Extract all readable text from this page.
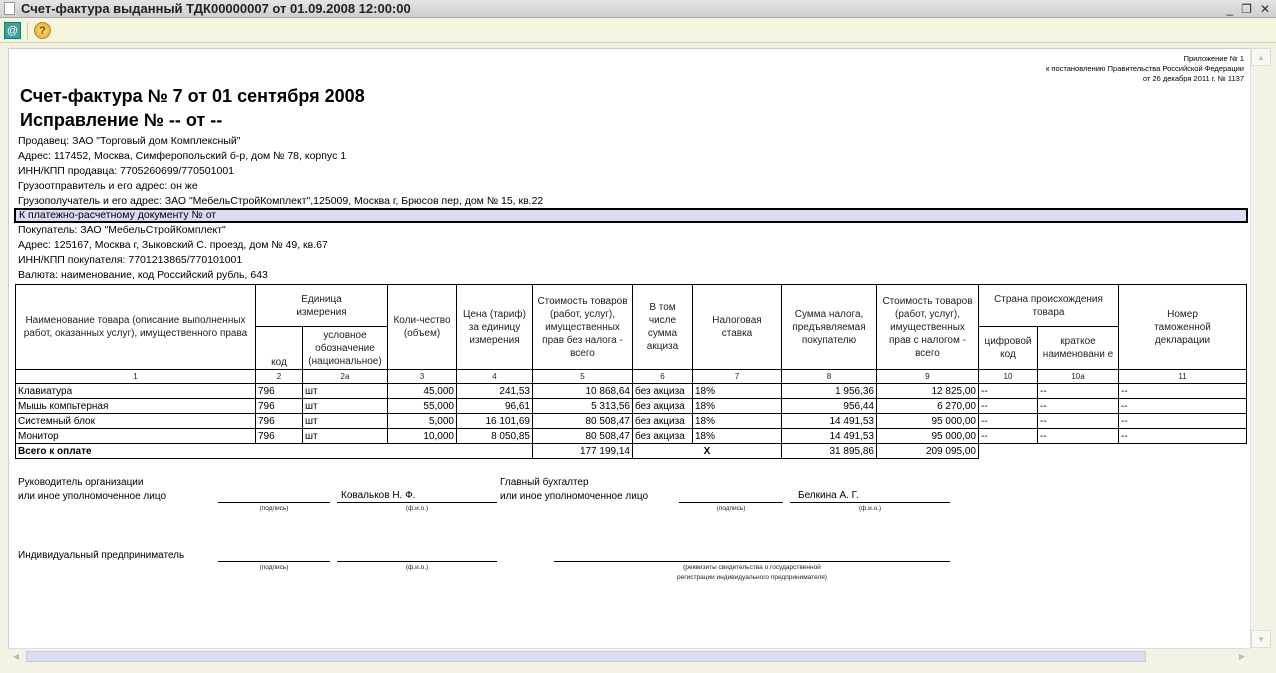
Счет-фактура выданный ТДК00000007 от 01.09.2008 12:00:00	_ ❐ ✕
@	?
Приложение № 1
к постановлению Правительства Российской Федерации
от 26 декабря 2011 г. № 1137
Счет-фактура № 7 от 01 сентября 2008
Исправление № -- от --
Продавец: ЗАО "Торговый дом Комплексный"
Адрес: 117452, Москва, Симферопольский б-р, дом № 78, корпус 1
ИНН/КПП продавца: 7705260699/770501001
Грузоотправитель и его адрес: он же
Грузополучатель и его адрес: ЗАО "МебельСтройКомплект",125009, Москва г, Брюсов пер, дом № 15, кв.22
К платежно-расчетному документу № от
Покупатель: ЗАО "МебельСтройКомплект"
Адрес: 125167, Москва г, Зыковский С. проезд, дом № 49, кв.67
ИНН/КПП покупателя: 7701213865/770101001
Валюта: наименование, код Российский рубль, 643
Наименование товара (описание выполненных работ, оказанных услуг), имущественного права	Единица измерения		Коли-чество (объем)	Цена (тариф) за единицу измерения	Стоимость товаров (работ, услуг), имущественных прав без налога - всего	В том числе сумма акциза	Налоговая ставка	Сумма налога, предъявляемая покупателю	Стоимость товаров (работ, услуг), имущественных прав с налогом - всего	Страна происхождения товара		Номер таможенной декларации
	код	условное обозначение (национальное)								цифровой код	краткое наименовани е	
1	2	2а	3	4	5	6	7	8	9	10	10а	11
Клавиатура	796	шт	45,000	241,53	10 868,64	без акциза	18%	1 956,36	12 825,00	--	--	--
Мышь компьтерная	796	шт	55,000	96,61	5 313,56	без акциза	18%	956,44	6 270,00	--	--	--
Системный блок	796	шт	5,000	16 101,69	80 508,47	без акциза	18%	14 491,53	95 000,00	--	--	--
Монитор	796	шт	10,000	8 050,85	80 508,47	без акциза	18%	14 491,53	95 000,00	--	--	--
Всего к оплате					177 199,14	X		31 895,86	209 095,00			
Руководитель организации
или иное уполномоченное лицо	Ковальков Н. Ф.
(подпись)	(ф.и.о.)
Главный бухгалтер
или иное уполномоченное лицо	Белкина А. Г.
(подпись)	(ф.и.о.)
Индивидуальный предприниматель
(подпись)	(ф.и.о.)	(реквизиты свидетельства о государственной
регистрации индивидуального предпринимателя)
▲
▼
◀	▶
